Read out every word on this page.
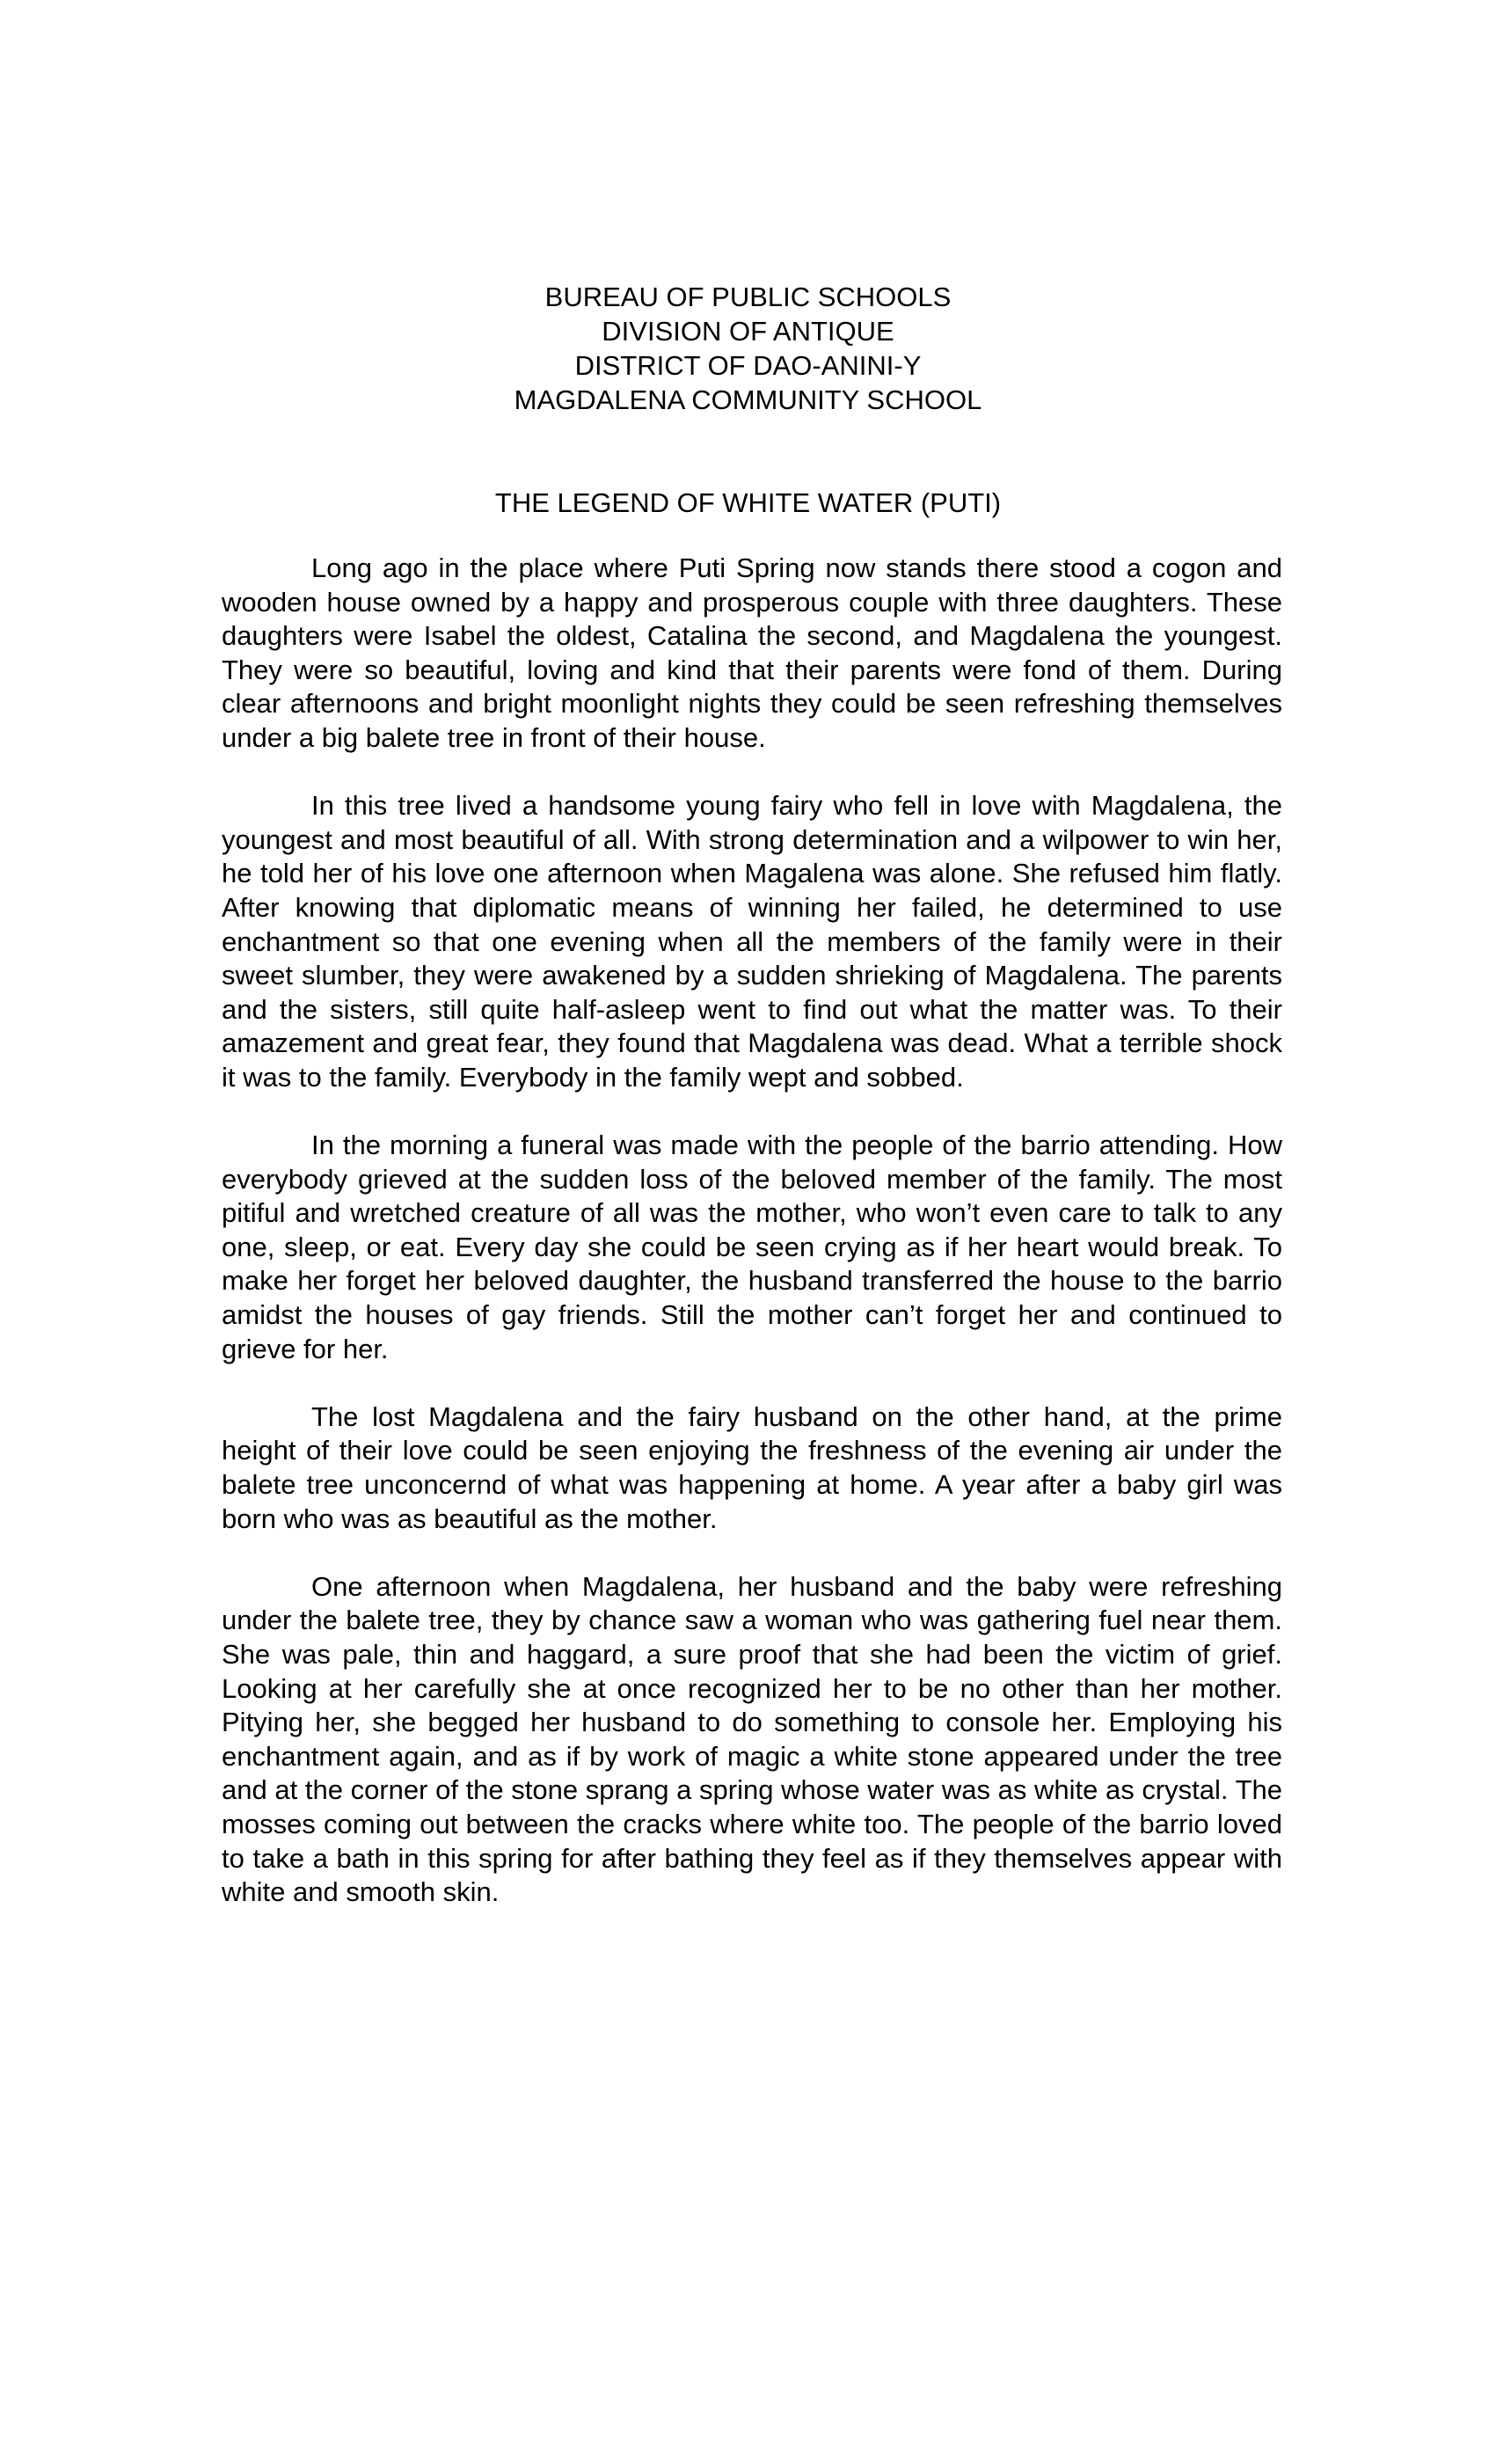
BUREAU OF PUBLIC SCHOOLS
DIVISION OF ANTIQUE
DISTRICT OF DAO-ANINI-Y
MAGDALENA COMMUNITY SCHOOL
THE LEGEND OF WHITE WATER (PUTI)

Long ago in the place where Puti Spring now stands there stood a cogon and wooden house owned by a happy and prosperous couple with three daughters. These daughters were Isabel the oldest, Catalina the second, and Magdalena the youngest. They were so beautiful, loving and kind that their parents were fond of them. During clear afternoons and bright moonlight nights they could be seen refreshing themselves under a big balete tree in front of their house.

In this tree lived a handsome young fairy who fell in love with Magdalena, the youngest and most beautiful of all. With strong determination and a wilpower to win her, he told her of his love one afternoon when Magalena was alone. She refused him flatly. After knowing that diplomatic means of winning her failed, he determined to use enchantment so that one evening when all the members of the family were in their sweet slumber, they were awakened by a sudden shrieking of Magdalena. The parents and the sisters, still quite half-asleep went to find out what the matter was. To their amazement and great fear, they found that Magdalena was dead. What a terrible shock it was to the family. Everybody in the family wept and sobbed.

In the morning a funeral was made with the people of the barrio attending. How everybody grieved at the sudden loss of the beloved member of the family. The most pitiful and wretched creature of all was the mother, who won’t even care to talk to any one, sleep, or eat. Every day she could be seen crying as if her heart would break. To make her forget her beloved daughter, the husband transferred the house to the barrio amidst the houses of gay friends. Still the mother can’t forget her and continued to grieve for her.

The lost Magdalena and the fairy husband on the other hand, at the prime height of their love could be seen enjoying the freshness of the evening air under the balete tree unconcernd of what was happening at home. A year after a baby girl was born who was as beautiful as the mother.

One afternoon when Magdalena, her husband and the baby were refreshing under the balete tree, they by chance saw a woman who was gathering fuel near them. She was pale, thin and haggard, a sure proof that she had been the victim of grief. Looking at her carefully she at once recognized her to be no other than her mother. Pitying her, she begged her husband to do something to console her. Employing his enchantment again, and as if by work of magic a white stone appeared under the tree and at the corner of the stone sprang a spring whose water was as white as crystal. The mosses coming out between the cracks where white too. The people of the barrio loved to take a bath in this spring for after bathing they feel as if they themselves appear with white and smooth skin.
